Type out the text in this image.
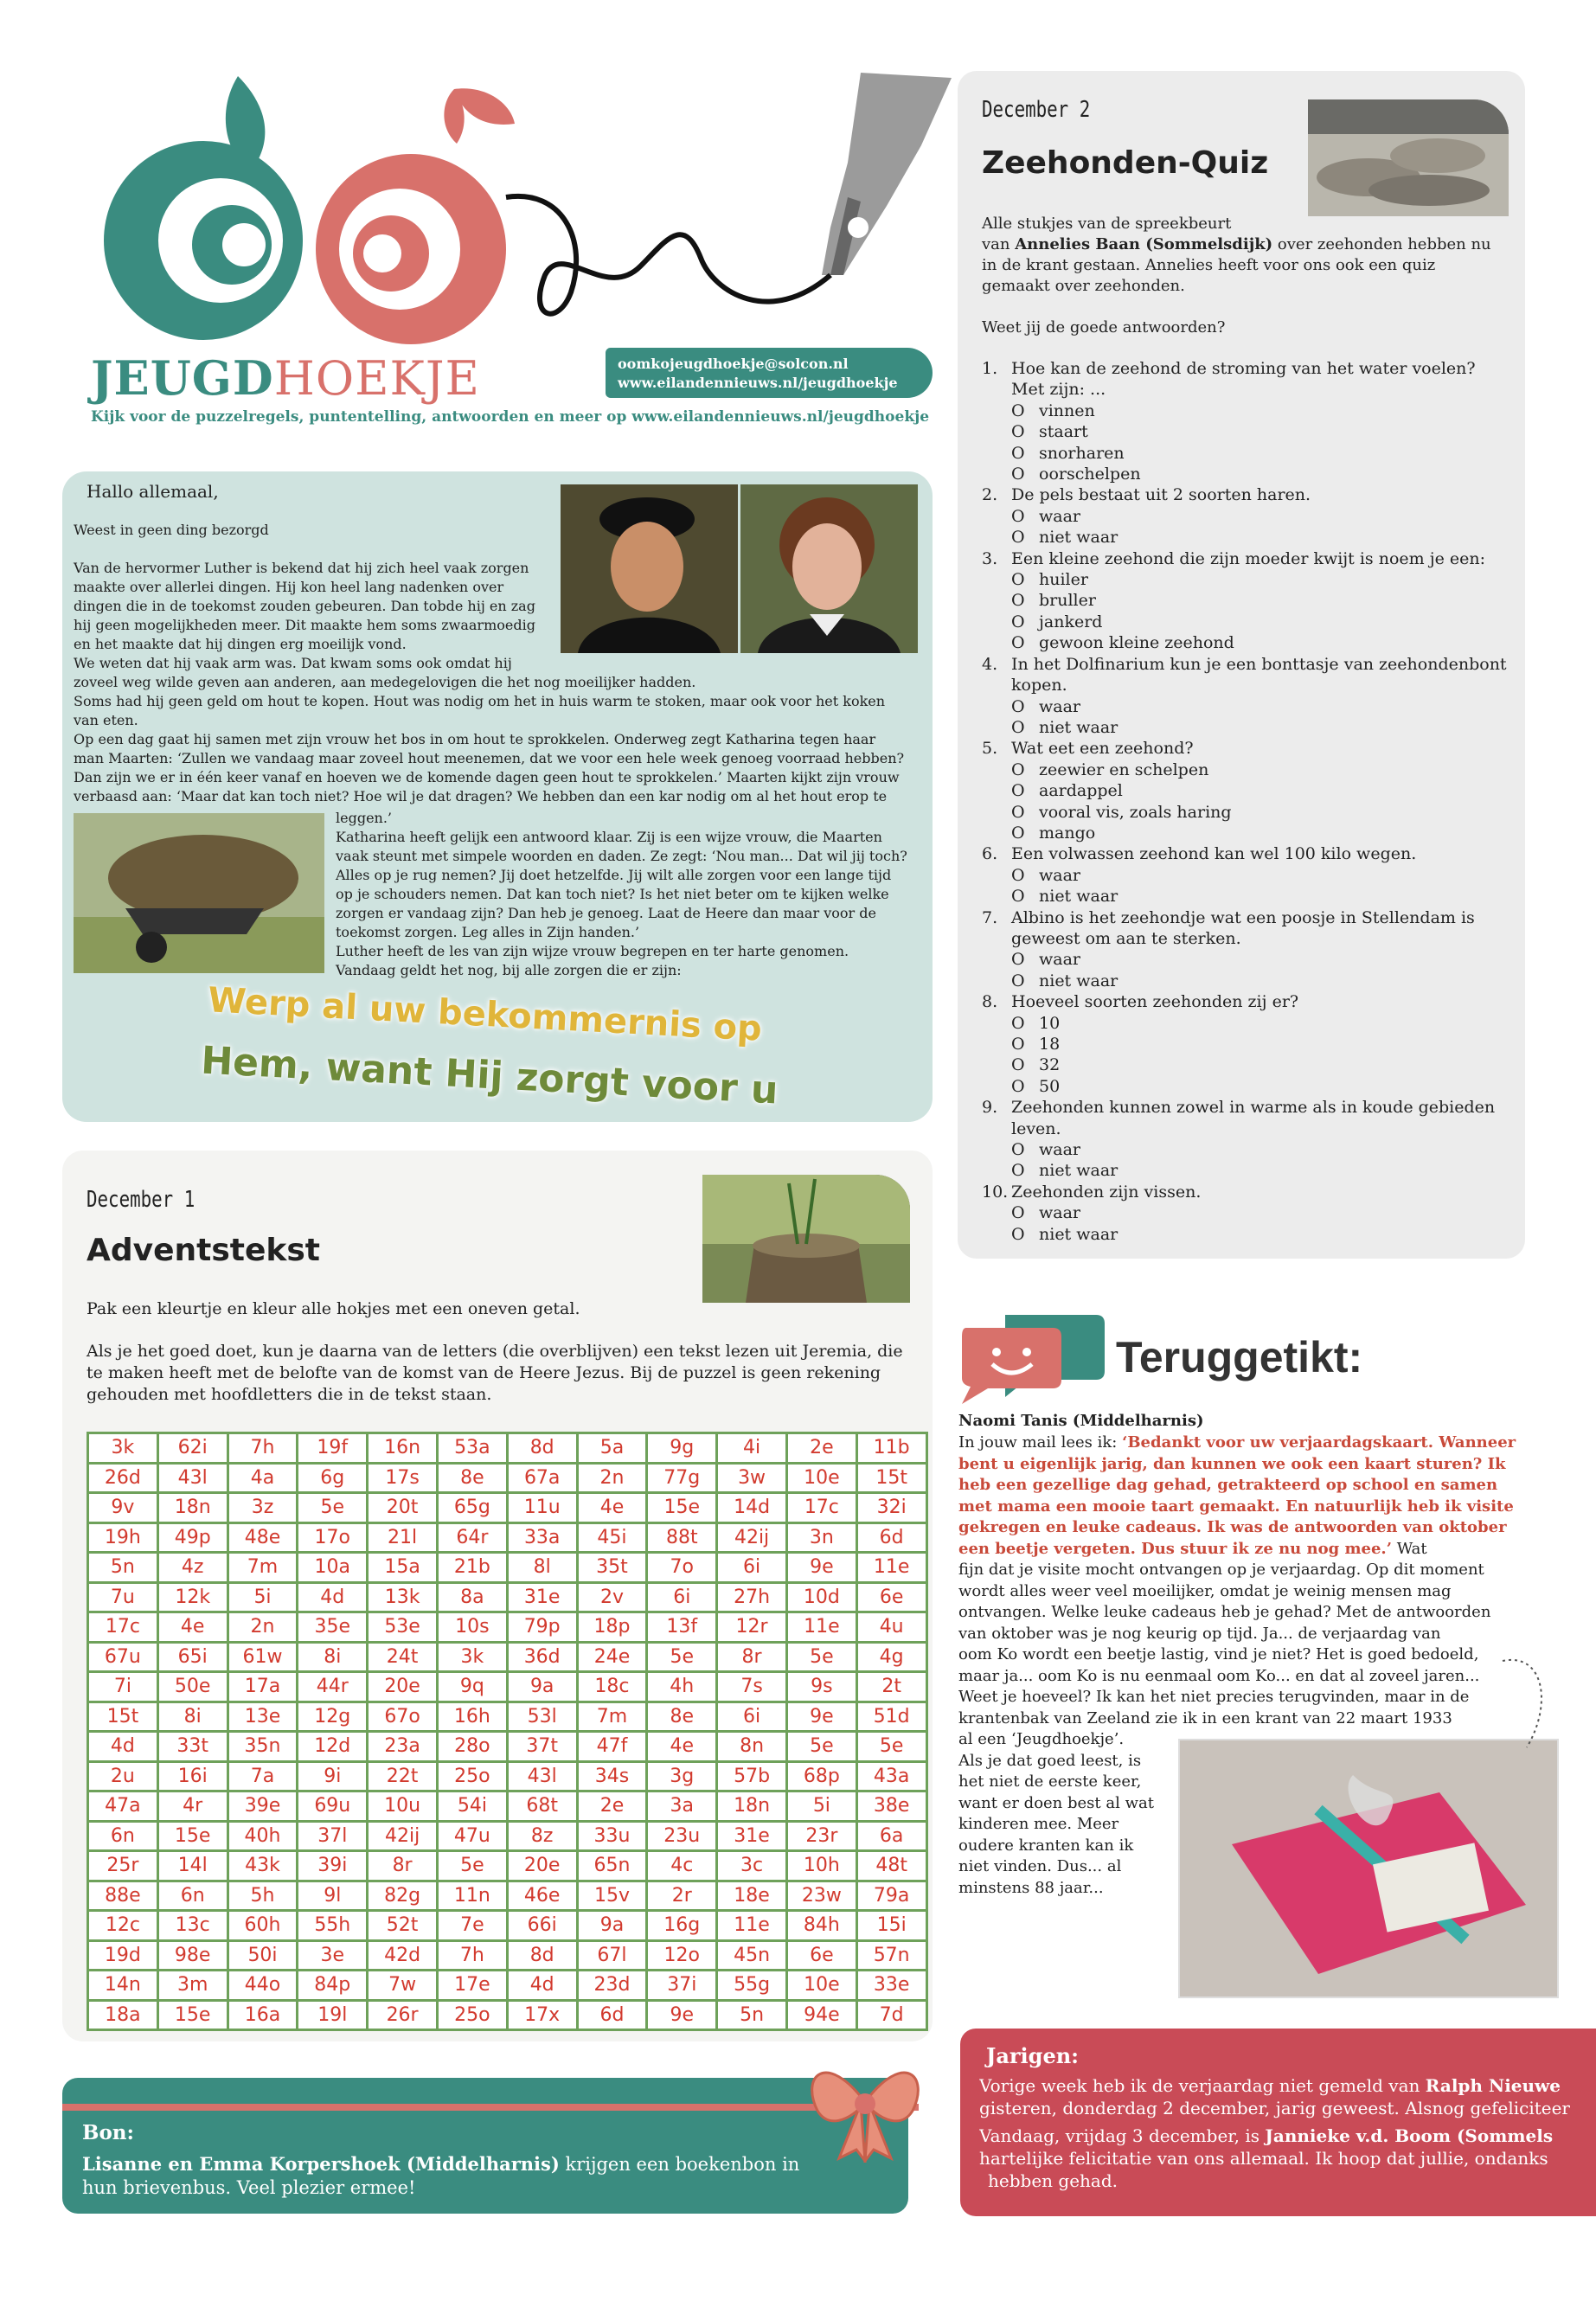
JEUGDHOEKJE	oomkojeugdhoekje@solcon.nl
www.eilandennieuws.nl/jeugdhoekje
Kijk voor de puzzelregels, puntentelling, antwoorden en meer op www.eilandennieuws.nl/jeugdhoekje
Hallo allemaal,
Weest in geen ding bezorgd
Van de hervormer Luther is bekend dat hij zich heel vaak zorgen
maakte over allerlei dingen. Hij kon heel lang nadenken over
dingen die in de toekomst zouden gebeuren. Dan tobde hij en zag
hij geen mogelijkheden meer. Dit maakte hem soms zwaarmoedig
en het maakte dat hij dingen erg moeilijk vond.
We weten dat hij vaak arm was. Dat kwam soms ook omdat hij
zoveel weg wilde geven aan anderen, aan medegelovigen die het nog moeilijker hadden.
Soms had hij geen geld om hout te kopen. Hout was nodig om het in huis warm te stoken, maar ook voor het koken
van eten.
Op een dag gaat hij samen met zijn vrouw het bos in om hout te sprokkelen. Onderweg zegt Katharina tegen haar
man Maarten: ‘Zullen we vandaag maar zoveel hout meenemen, dat we voor een hele week genoeg voorraad hebben?
Dan zijn we er in één keer vanaf en hoeven we de komende dagen geen hout te sprokkelen.’ Maarten kijkt zijn vrouw
verbaasd aan: ‘Maar dat kan toch niet? Hoe wil je dat dragen? We hebben dan een kar nodig om al het hout erop te
leggen.’
Katharina heeft gelijk een antwoord klaar. Zij is een wijze vrouw, die Maarten
vaak steunt met simpele woorden en daden. Ze zegt: ‘Nou man... Dat wil jij toch?
Alles op je rug nemen? Jij doet hetzelfde. Jij wilt alle zorgen voor een lange tijd
op je schouders nemen. Dat kan toch niet? Is het niet beter om te kijken welke
zorgen er vandaag zijn? Dan heb je genoeg. Laat de Heere dan maar voor de
toekomst zorgen. Leg alles in Zijn handen.’
Luther heeft de les van zijn wijze vrouw begrepen en ter harte genomen.
Vandaag geldt het nog, bij alle zorgen die er zijn:
Werp al uw bekommernis op
Hem, want Hij zorgt voor u
December 1
Adventstekst
Pak een kleurtje en kleur alle hokjes met een oneven getal.
Als je het goed doet, kun je daarna van de letters (die overblijven) een tekst lezen uit Jeremia, die te maken heeft met de belofte van de komst van de Heere Jezus. Bij de puzzel is geen rekening gehouden met hoofdletters die in de tekst staan.
3k	62i	7h	19f	16n	53a	8d	5a	9g	4i	2e	11b
26d	43l	4a	6g	17s	8e	67a	2n	77g	3w	10e	15t
9v	18n	3z	5e	20t	65g	11u	4e	15e	14d	17c	32i
19h	49p	48e	17o	21l	64r	33a	45i	88t	42ij	3n	6d
5n	4z	7m	10a	15a	21b	8l	35t	7o	6i	9e	11e
7u	12k	5i	4d	13k	8a	31e	2v	6i	27h	10d	6e
17c	4e	2n	35e	53e	10s	79p	18p	13f	12r	11e	4u
67u	65i	61w	8i	24t	3k	36d	24e	5e	8r	5e	4g
7i	50e	17a	44r	20e	9q	9a	18c	4h	7s	9s	2t
15t	8i	13e	12g	67o	16h	53l	7m	8e	6i	9e	51d
4d	33t	35n	12d	23a	28o	37t	47f	4e	8n	5e	5e
2u	16i	7a	9i	22t	25o	43l	34s	3g	57b	68p	43a
47a	4r	39e	69u	10u	54i	68t	2e	3a	18n	5i	38e
6n	15e	40h	37l	42ij	47u	8z	33u	23u	31e	23r	6a
25r	14l	43k	39i	8r	5e	20e	65n	4c	3c	10h	48t
88e	6n	5h	9l	82g	11n	46e	15v	2r	18e	23w	79a
12c	13c	60h	55h	52t	7e	66i	9a	16g	11e	84h	15i
19d	98e	50i	3e	42d	7h	8d	67l	12o	45n	6e	57n
14n	3m	44o	84p	7w	17e	4d	23d	37i	55g	10e	33e
18a	15e	16a	19l	26r	25o	17x	6d	9e	5n	94e	7d
Bon:
Lisanne en Emma Korpershoek (Middelharnis) krijgen een boekenbon in hun brievenbus. Veel plezier ermee!
December 2
Zeehonden-Quiz
Alle stukjes van de spreekbeurt
van Annelies Baan (Sommelsdijk) over zeehonden hebben nu in de krant gestaan. Annelies heeft voor ons ook een quiz gemaakt over zeehonden.
Weet jij de goede antwoorden?
1. Hoe kan de zeehond de stroming van het water voelen?
Met zijn: ...
O vinnen
O staart
O snorharen
O oorschelpen
2. De pels bestaat uit 2 soorten haren.
O waar
O niet waar
3. Een kleine zeehond die zijn moeder kwijt is noem je een:
O huiler
O bruller
O jankerd
O gewoon kleine zeehond
4. In het Dolfinarium kun je een bonttasje van zeehondenbont kopen.
O waar
O niet waar
5. Wat eet een zeehond?
O zeewier en schelpen
O aardappel
O vooral vis, zoals haring
O mango
6. Een volwassen zeehond kan wel 100 kilo wegen.
O waar
O niet waar
7. Albino is het zeehondje wat een poosje in Stellendam is geweest om aan te sterken.
O waar
O niet waar
8. Hoeveel soorten zeehonden zij er?
O 10
O 18
O 32
O 50
9. Zeehonden kunnen zowel in warme als in koude gebieden leven.
O waar
O niet waar
10. Zeehonden zijn vissen.
O waar
O niet waar
Teruggetikt:
Naomi Tanis (Middelharnis)
In jouw mail lees ik: ‘Bedankt voor uw verjaardagskaart. Wanneer bent u eigenlijk jarig, dan kunnen we ook een kaart sturen? Ik heb een gezellige dag gehad, getrakteerd op school en samen met mama een mooie taart gemaakt. En natuurlijk heb ik visite gekregen en leuke cadeaus. Ik was de antwoorden van oktober een beetje vergeten. Dus stuur ik ze nu nog mee.’ Wat
fijn dat je visite mocht ontvangen op je verjaardag. Op dit moment
wordt alles weer veel moeilijker, omdat je weinig mensen mag
ontvangen. Welke leuke cadeaus heb je gehad? Met de antwoorden
van oktober was je nog keurig op tijd. Ja... de verjaardag van
oom Ko wordt een beetje lastig, vind je niet? Het is goed bedoeld,
maar ja... oom Ko is nu eenmaal oom Ko... en dat al zoveel jaren...
Weet je hoeveel? Ik kan het niet precies terugvinden, maar in de
krantenbak van Zeeland zie ik in een krant van 22 maart 1933
al een ‘Jeugdhoekje’.
Als je dat goed leest, is
het niet de eerste keer,
want er doen best al wat
kinderen mee. Meer
oudere kranten kan ik
niet vinden. Dus... al
minstens 88 jaar...
Jarigen:
Vorige week heb ik de verjaardag niet gemeld van Ralph Nieuwe
gisteren, donderdag 2 december, jarig geweest. Alsnog gefeliciteer
Vandaag, vrijdag 3 december, is Jannieke v.d. Boom (Sommels
hartelijke felicitatie van ons allemaal. Ik hoop dat jullie, ondanks
hebben gehad.
